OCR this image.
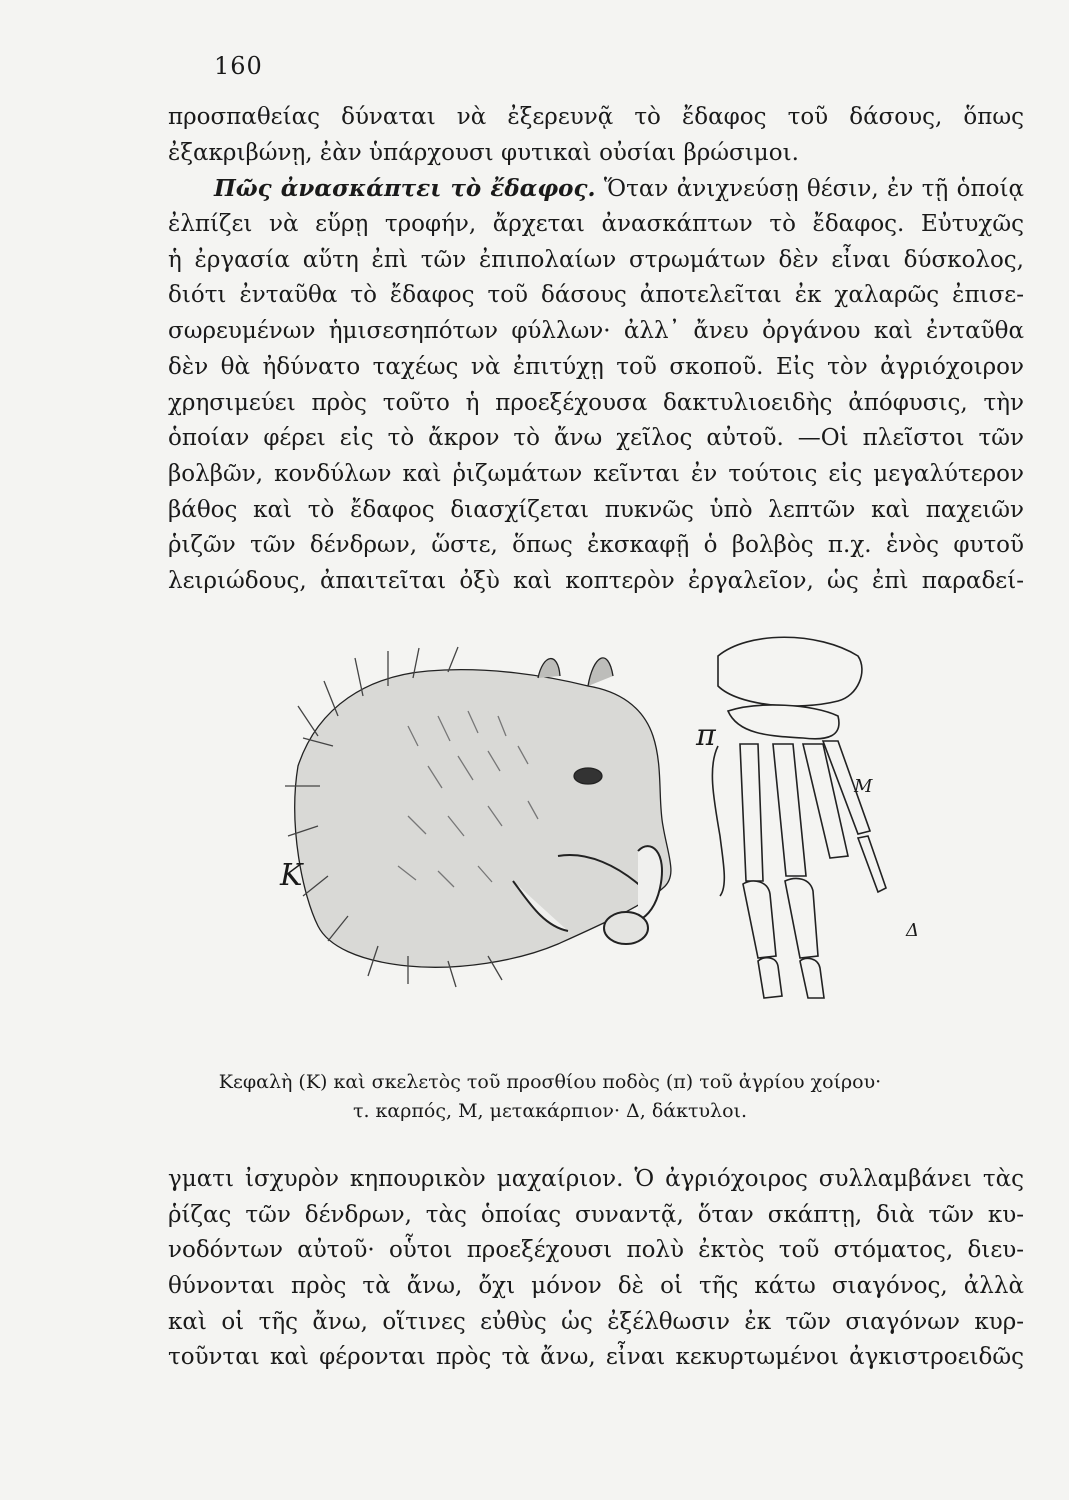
160
προσπαθείας δύναται νὰ ἐξερευνᾷ τὸ ἔδαφος τοῦ δάσους, ὅπως
ἐξακριβώνῃ, ἐὰν ὑπάρχουσι φυτικαὶ οὐσίαι βρώσιμοι.
Πῶς ἀνασκάπτει τὸ ἔδαφος. Ὅταν ἀνιχνεύσῃ θέσιν, ἐν τῇ ὁποίᾳ
ἐλπίζει νὰ εὕρῃ τροφήν, ἄρχεται ἀνασκάπτων τὸ ἔδαφος. Εὐτυχῶς
ἡ ἐργασία αὕτη ἐπὶ τῶν ἐπιπολαίων στρωμάτων δὲν εἶναι δύσκολος,
διότι ἐνταῦθα τὸ ἔδαφος τοῦ δάσους ἀποτελεῖται ἐκ χαλαρῶς ἐπισε-
σωρευμένων ἡμισεσηπότων φύλλων· ἀλλ᾿ ἄνευ ὀργάνου καὶ ἐνταῦθα
δὲν θὰ ἠδύνατο ταχέως νὰ ἐπιτύχῃ τοῦ σκοποῦ. Εἰς τὸν ἀγριόχοιρον
χρησιμεύει πρὸς τοῦτο ἡ προεξέχουσα δακτυλιοειδὴς ἀπόφυσις, τὴν
ὁποίαν φέρει εἰς τὸ ἄκρον τὸ ἄνω χεῖλος αὐτοῦ. —Οἱ πλεῖστοι τῶν
βολβῶν, κονδύλων καὶ ῥιζωμάτων κεῖνται ἐν τούτοις εἰς μεγαλύτερον
βάθος καὶ τὸ ἔδαφος διασχίζεται πυκνῶς ὑπὸ λεπτῶν καὶ παχειῶν
ῥιζῶν τῶν δένδρων, ὥστε, ὅπως ἐκσκαφῇ ὁ βολβὸς π.χ. ἑνὸς φυτοῦ
λειριώδους, ἀπαιτεῖται ὀξὺ καὶ κοπτερὸν ἐργαλεῖον, ὡς ἐπὶ παραδεί-
K
π
M
Δ
Κεφαλὴ (Κ) καὶ σκελετὸς τοῦ προσθίου ποδὸς (π) τοῦ ἀγρίου χοίρου·
τ. καρπός, Μ, μετακάρπιον· Δ, δάκτυλοι.
γματι ἰσχυρὸν κηπουρικὸν μαχαίριον. Ὁ ἀγριόχοιρος συλλαμβάνει τὰς
ῥίζας τῶν δένδρων, τὰς ὁποίας συναντᾷ, ὅταν σκάπτῃ, διὰ τῶν κυ-
νοδόντων αὐτοῦ· οὗτοι προεξέχουσι πολὺ ἐκτὸς τοῦ στόματος, διευ-
θύνονται πρὸς τὰ ἄνω, ὄχι μόνον δὲ οἱ τῆς κάτω σιαγόνος, ἀλλὰ
καὶ οἱ τῆς ἄνω, οἵτινες εὐθὺς ὡς ἐξέλθωσιν ἐκ τῶν σιαγόνων κυρ-
τοῦνται καὶ φέρονται πρὸς τὰ ἄνω, εἶναι κεκυρτωμένοι ἀγκιστροειδῶς
